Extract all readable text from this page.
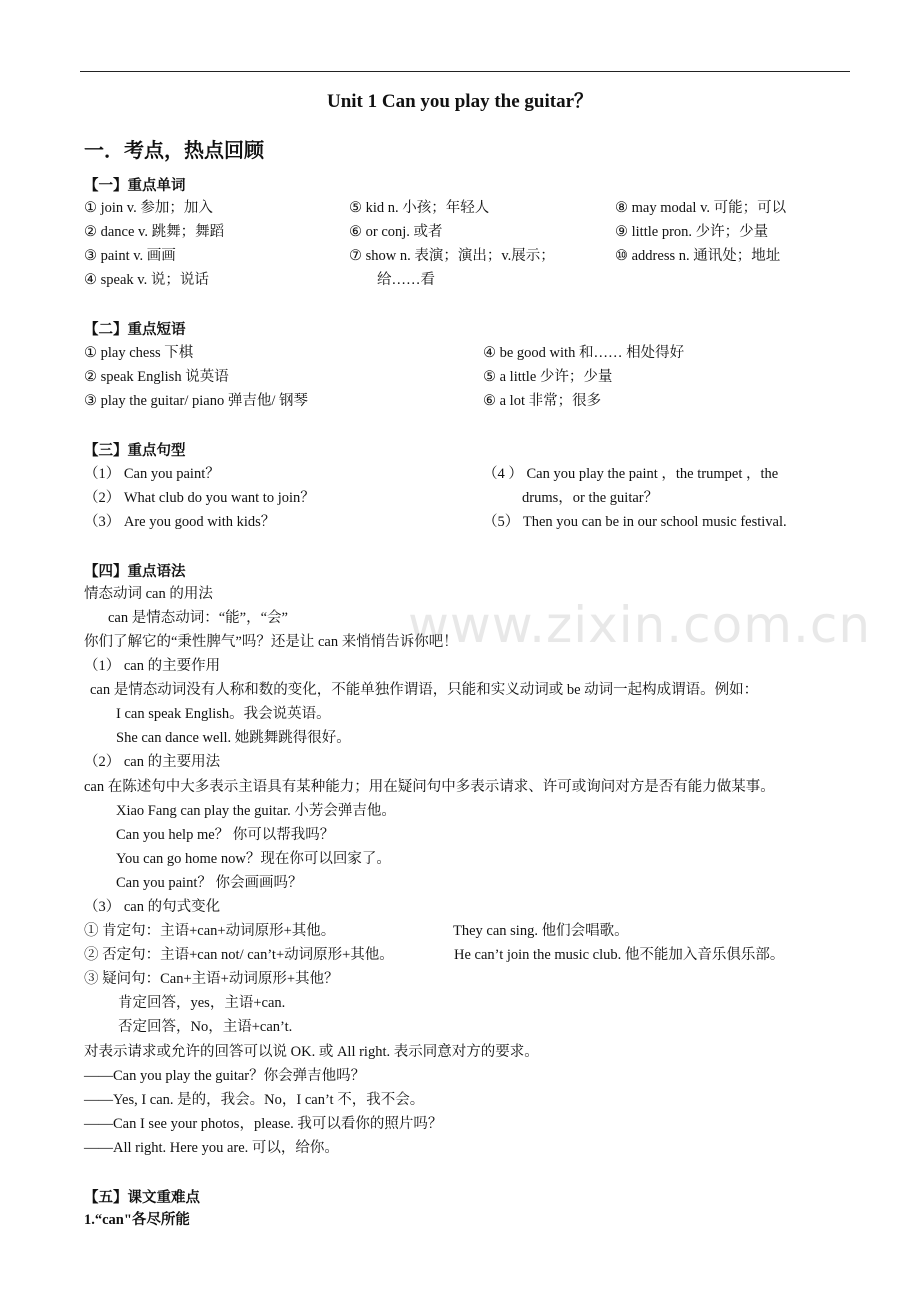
Unit 1 Can you play the guitar？
一．考点，热点回顾
【一】重点单词
① join v. 参加；加入	⑤ kid n. 小孩；年轻人	⑧ may modal v. 可能；可以
② dance v. 跳舞；舞蹈	⑥ or conj. 或者	⑨ little pron. 少许；少量
③ paint v. 画画	⑦ show n. 表演；演出；v.展示；	⑩ address n. 通讯处；地址
④ speak v. 说；说话	给……看
【二】重点短语
① play chess 下棋	④ be good with 和…… 相处得好
② speak English 说英语	⑤ a little 少许；少量
③ play the guitar/ piano 弹吉他/ 钢琴	⑥ a lot 非常；很多
【三】重点句型
（1） Can you paint？	（4 ） Can you play the paint ，the trumpet ，the
（2） What club do you want to join？	drums，or the guitar？
（3） Are you good with kids？	（5） Then you can be in our school music festival.
【四】重点语法
情态动词 can 的用法
can 是情态动词：“能”，“会”
你们了解它的“秉性脾气”吗？还是让 can 来悄悄告诉你吧！
（1） can 的主要作用
can 是情态动词没有人称和数的变化，不能单独作谓语，只能和实义动词或 be 动词一起构成谓语。例如：
I can speak English。我会说英语。
She can dance well. 她跳舞跳得很好。
（2） can 的主要用法
can 在陈述句中大多表示主语具有某种能力；用在疑问句中多表示请求、许可或询问对方是否有能力做某事。
Xiao Fang can play the guitar. 小芳会弹吉他。
Can you help me？ 你可以帮我吗？
You can go home now？现在你可以回家了。
Can you paint？ 你会画画吗？
（3） can 的句式变化
① 肯定句：主语+can+动词原形+其他。	They can sing. 他们会唱歌。
② 否定句：主语+can not/ can’t+动词原形+其他。	He can’t join the music club. 他不能加入音乐俱乐部。
③ 疑问句：Can+主语+动词原形+其他？
肯定回答，yes，主语+can.
否定回答，No，主语+can’t.
对表示请求或允许的回答可以说 OK. 或 All right. 表示同意对方的要求。
——Can you play the guitar？你会弹吉他吗？
——Yes, I can. 是的，我会。No，I can’t 不，我不会。
——Can I see your photos，please. 我可以看你的照片吗？
——All right. Here you are. 可以，给你。
【五】课文重难点
1.“can"各尽所能
www.zixin.com.cn
